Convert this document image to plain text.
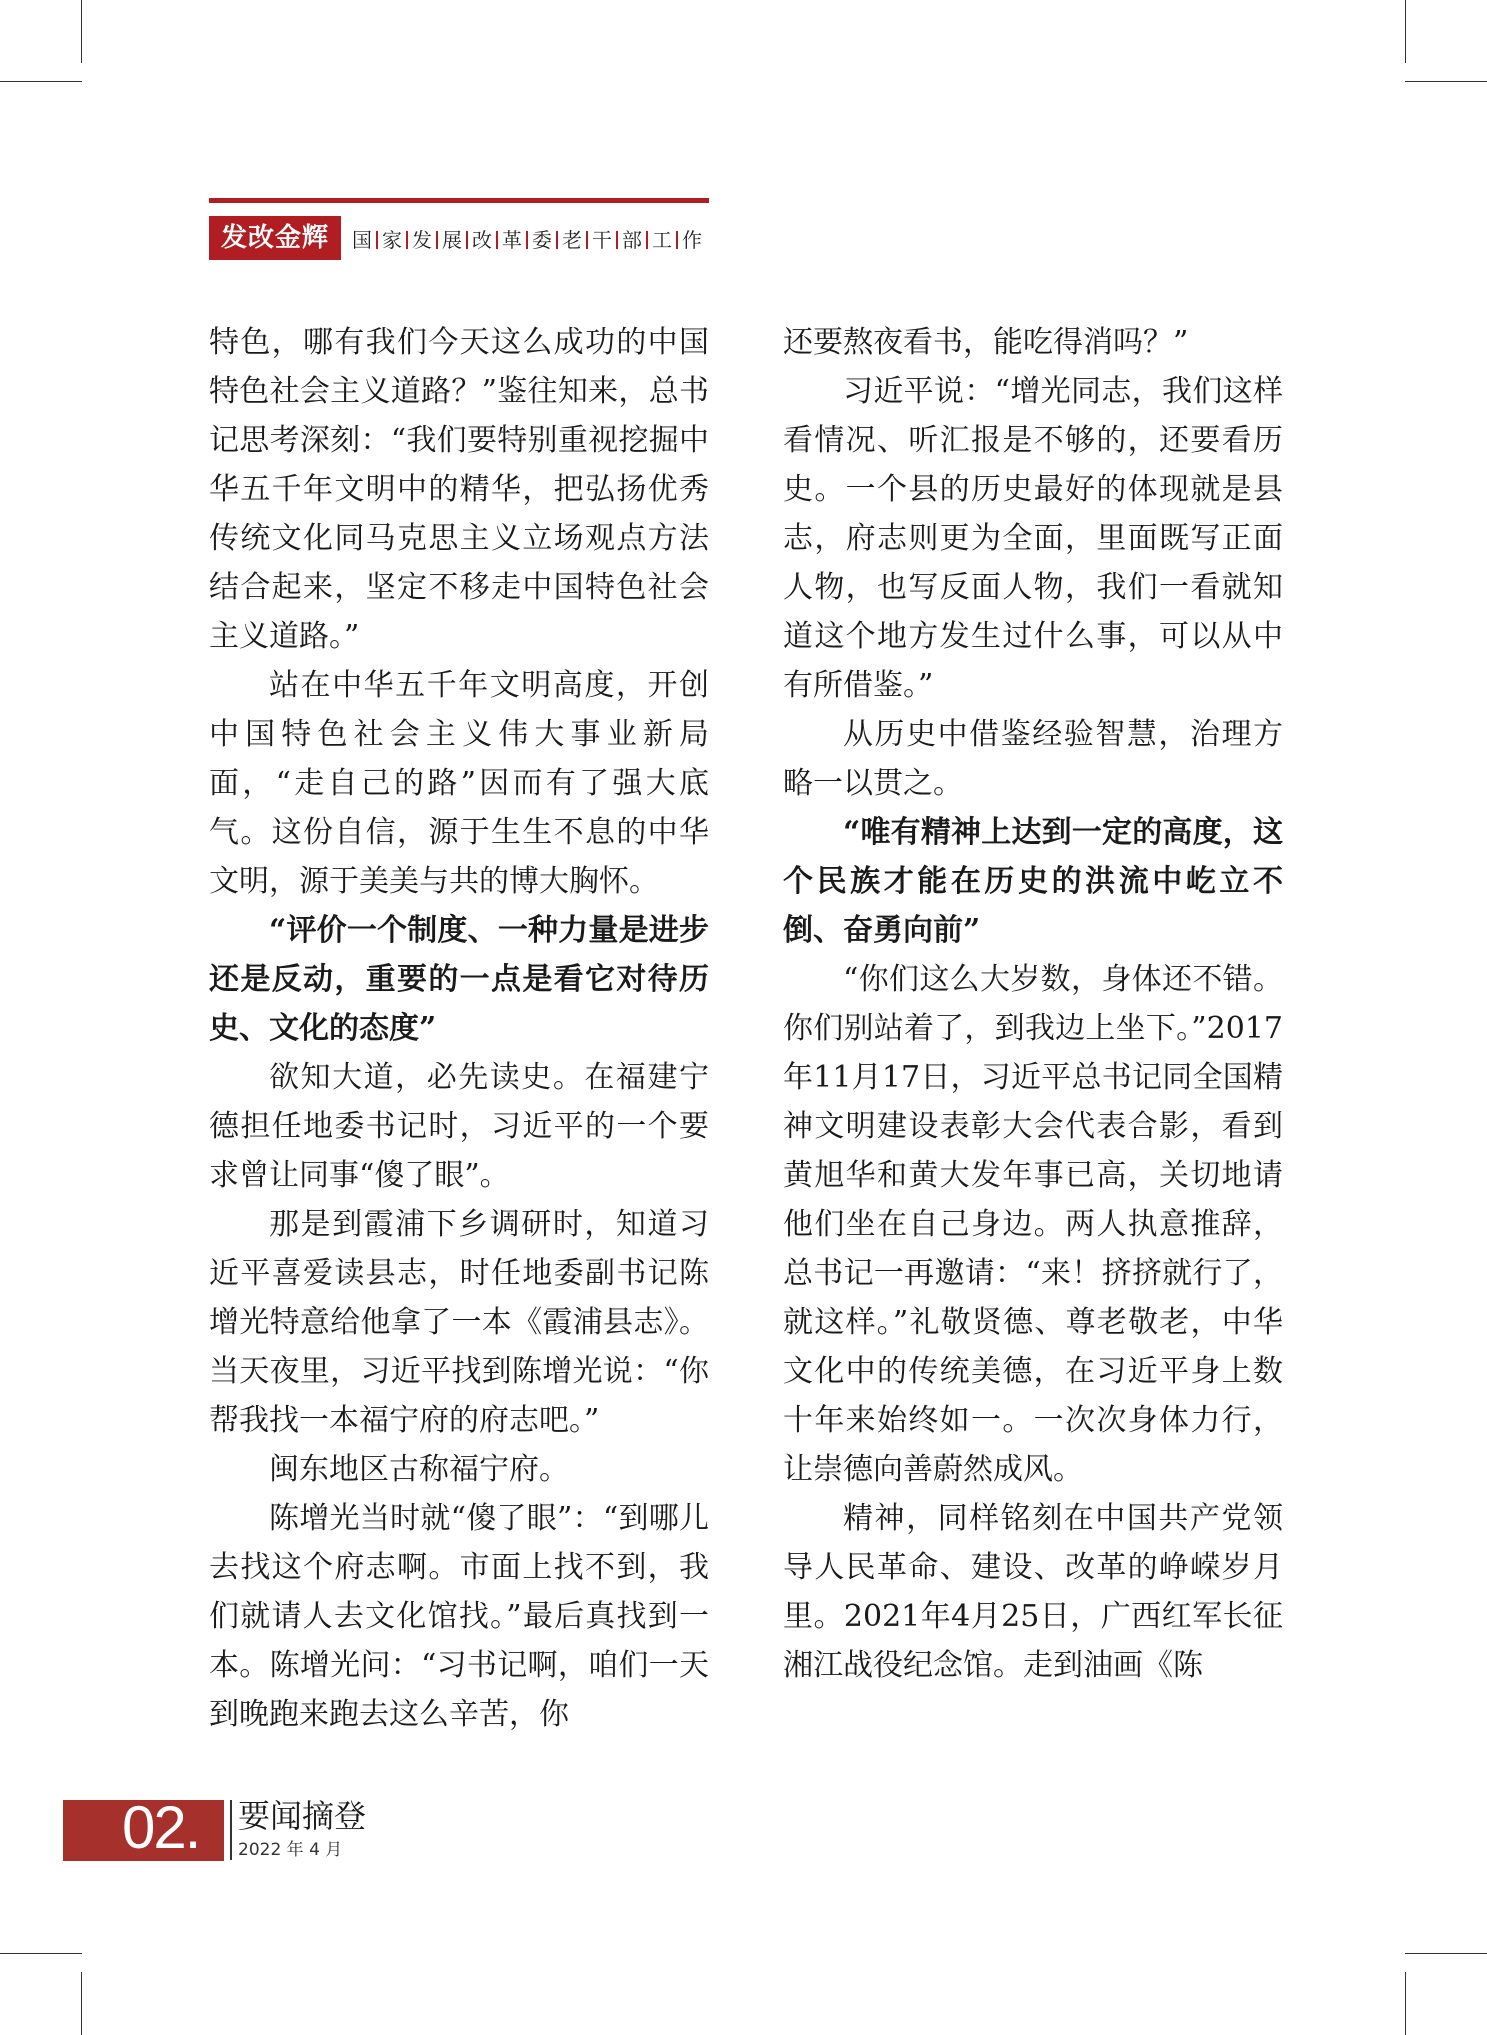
发改金辉	国 家 发 展 改 革 委 老 干 部 工 作

特色，哪有我们今天这么成功的中国特色社会主义道路？”鉴往知来，总书记思考深刻：“我们要特别重视挖掘中华五千年文明中的精华，把弘扬优秀传统文化同马克思主义立场观点方法结合起来，坚定不移走中国特色社会主义道路。”

站在中华五千年文明高度，开创中国特色社会主义伟大事业新局面，“走自己的路”因而有了强大底气。这份自信，源于生生不息的中华文明，源于美美与共的博大胸怀。

“评价一个制度、一种力量是进步还是反动，重要的一点是看它对待历史、文化的态度”

欲知大道，必先读史。在福建宁德担任地委书记时，习近平的一个要求曾让同事“傻了眼”。

那是到霞浦下乡调研时，知道习近平喜爱读县志，时任地委副书记陈增光特意给他拿了一本《霞浦县志》。当天夜里，习近平找到陈增光说：“你帮我找一本福宁府的府志吧。”

闽东地区古称福宁府。

陈增光当时就“傻了眼”：“到哪儿去找这个府志啊。市面上找不到，我们就请人去文化馆找。”最后真找到一本。陈增光问：“习书记啊，咱们一天到晚跑来跑去这么辛苦，你

还要熬夜看书，能吃得消吗？”

习近平说：“增光同志，我们这样看情况、听汇报是不够的，还要看历史。一个县的历史最好的体现就是县志，府志则更为全面，里面既写正面人物，也写反面人物，我们一看就知道这个地方发生过什么事，可以从中有所借鉴。”

从历史中借鉴经验智慧，治理方略一以贯之。

“唯有精神上达到一定的高度，这个民族才能在历史的洪流中屹立不倒、奋勇向前”

“你们这么大岁数，身体还不错。你们别站着了，到我边上坐下。”2017年11月17日，习近平总书记同全国精神文明建设表彰大会代表合影，看到黄旭华和黄大发年事已高，关切地请他们坐在自己身边。两人执意推辞，总书记一再邀请：“来！挤挤就行了，就这样。”礼敬贤德、尊老敬老，中华文化中的传统美德，在习近平身上数十年来始终如一。一次次身体力行，让崇德向善蔚然成风。

精神，同样铭刻在中国共产党领导人民革命、建设、改革的峥嵘岁月里。2021年4月25日，广西红军长征湘江战役纪念馆。走到油画《陈

02. 要闻摘登
2022 年 4 月
